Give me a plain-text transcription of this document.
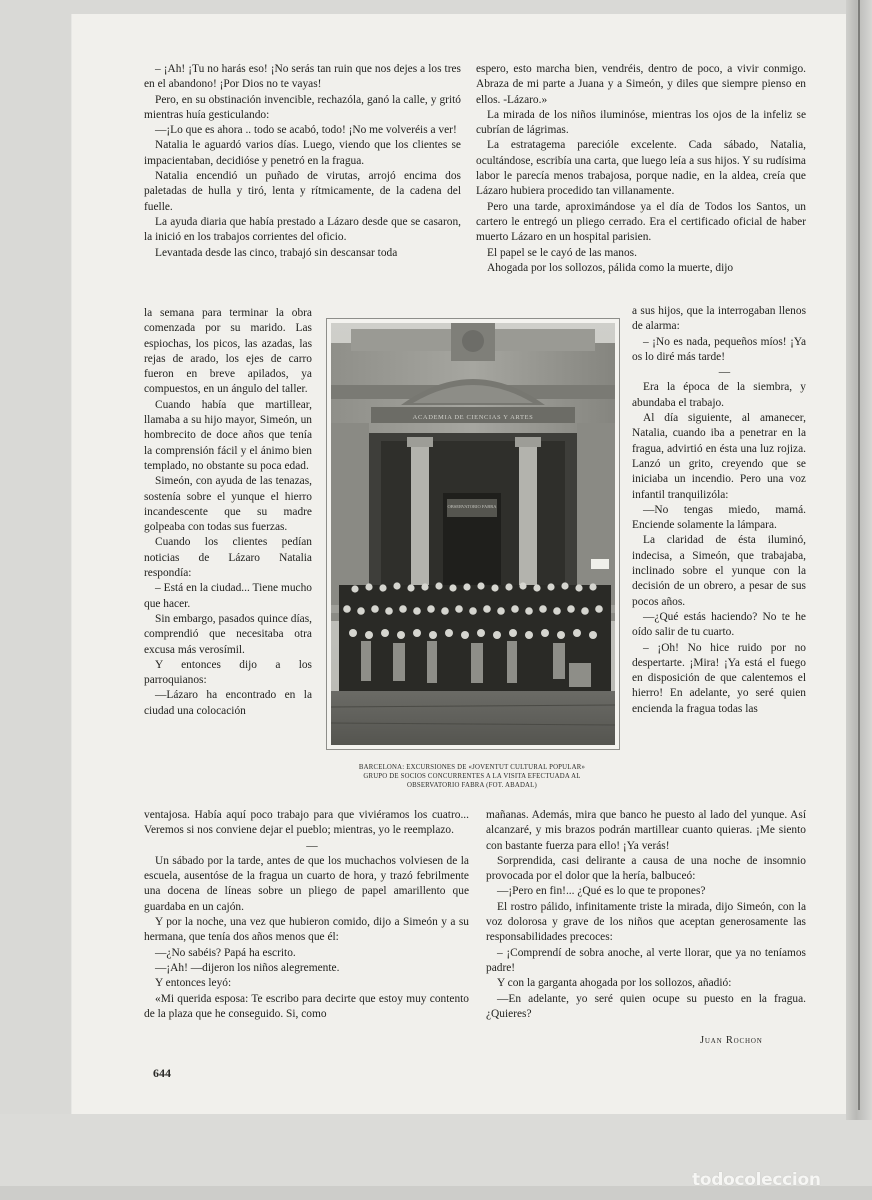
– ¡Ah! ¡Tu no harás eso! ¡No serás tan ruin que nos dejes a los tres en el abandono! ¡Por Dios no te vayas!

Pero, en su obstinación invencible, rechazóla, ganó la calle, y gritó mientras huía gesticulando:

—¡Lo que es ahora .. todo se acabó, todo! ¡No me volveréis a ver!

Natalia le aguardó varios días. Luego, viendo que los clientes se impacientaban, decidióse y penetró en la fragua.

Natalia encendió un puñado de virutas, arrojó encima dos paletadas de hulla y tiró, lenta y rítmicamente, de la cadena del fuelle.

La ayuda diaria que había prestado a Lázaro desde que se casaron, la inició en los trabajos corrientes del oficio.

Levantada desde las cinco, trabajó sin descansar toda

la semana para terminar la obra comenzada por su marido. Las espiochas, los picos, las azadas, las rejas de arado, los ejes de carro fueron en breve apilados, ya compuestos, en un ángulo del taller.

Cuando había que martillear, llamaba a su hijo mayor, Simeón, un hombrecito de doce años que tenía la comprensión fácil y el ánimo bien templado, no obstante su poca edad.

Simeón, con ayuda de las tenazas, sostenía sobre el yunque el hierro incandescente que su madre golpeaba con todas sus fuerzas.

Cuando los clientes pedían noticias de Lázaro Natalia respondía:

– Está en la ciudad... Tiene mucho que hacer.

Sin embargo, pasados quince días, comprendió que necesitaba otra excusa más verosímil.

Y entonces dijo a los parroquianos:

—Lázaro ha encontrado en la ciudad una colocación

ventajosa. Había aquí poco trabajo para que viviéramos los cuatro... Veremos si nos conviene dejar el pueblo; mientras, yo le reemplazo.

—

Un sábado por la tarde, antes de que los muchachos volviesen de la escuela, ausentóse de la fragua un cuarto de hora, y trazó febrilmente una docena de líneas sobre un pliego de papel amarillento que guardaba en un cajón.

Y por la noche, una vez que hubieron comido, dijo a Simeón y a su hermana, que tenía dos años menos que él:

—¿No sabéis? Papá ha escrito.

—¡Ah! —dijeron los niños alegremente.

Y entonces leyó:

«Mi querida esposa: Te escribo para decirte que estoy muy contento de la plaza que he conseguido. Si, como

espero, esto marcha bien, vendréis, dentro de poco, a vivir conmigo. Abraza de mi parte a Juana y a Simeón, y diles que siempre pienso en ellos. -Lázaro.»

La mirada de los niños iluminóse, mientras los ojos de la infeliz se cubrían de lágrimas.

La estratagema parecióle excelente. Cada sábado, Natalia, ocultándose, escribía una carta, que luego leía a sus hijos. Y su rudísima labor le parecía menos trabajosa, porque nadie, en la aldea, creía que Lázaro hubiera procedido tan villanamente.

Pero una tarde, aproximándose ya el día de Todos los Santos, un cartero le entregó un pliego cerrado. Era el certificado oficial de haber muerto Lázaro en un hospital parisien.

El papel se le cayó de las manos.

Ahogada por los sollozos, pálida como la muerte, dijo

a sus hijos, que la interrogaban llenos de alarma:

– ¡No es nada, pequeños míos! ¡Ya os lo diré más tarde!

—

Era la época de la siembra, y abundaba el trabajo.

Al día siguiente, al amanecer, Natalia, cuando iba a penetrar en la fragua, advirtió en ésta una luz rojiza. Lanzó un grito, creyendo que se iniciaba un incendio. Pero una voz infantil tranquilizóla:

—No tengas miedo, mamá. Enciende solamente la lámpara.

La claridad de ésta iluminó, indecisa, a Simeón, que trabajaba, inclinado sobre el yunque con la decisión de un obrero, a pesar de sus pocos años.

—¿Qué estás haciendo? No te he oído salir de tu cuarto.

– ¡Oh! No hice ruido por no despertarte. ¡Mira! ¡Ya está el fuego en disposición de que calentemos el hierro! En adelante, yo seré quien encienda la fragua todas las

mañanas. Además, mira que banco he puesto al lado del yunque. Así alcanzaré, y mis brazos podrán martillear cuanto quieras. ¡Me siento con bastante fuerza para ello! ¡Ya verás!

Sorprendida, casi delirante a causa de una noche de insomnio provocada por el dolor que la hería, balbuceó:

—¡Pero en fin!... ¿Qué es lo que te propones?

El rostro pálido, infinitamente triste la mirada, dijo Simeón, con la voz dolorosa y grave de los niños que aceptan generosamente las responsabilidades precoces:

– ¡Comprendí de sobra anoche, al verte llorar, que ya no teníamos padre!

Y con la garganta ahogada por los sollozos, añadió:

—En adelante, yo seré quien ocupe su puesto en la fragua. ¿Quieres?

ACADEMIA DE CIENCIAS Y ARTES
OBSERVATORIO FABRA
BARCELONA: EXCURSIONES DE «JOVENTUT CULTURAL POPULAR»
GRUPO DE SOCIOS CONCURRENTES A LA VISITA EFECTUADA AL
OBSERVATORIO FABRA (FOT. ABADAL)
Juan Rochon
644
todocoleccion
